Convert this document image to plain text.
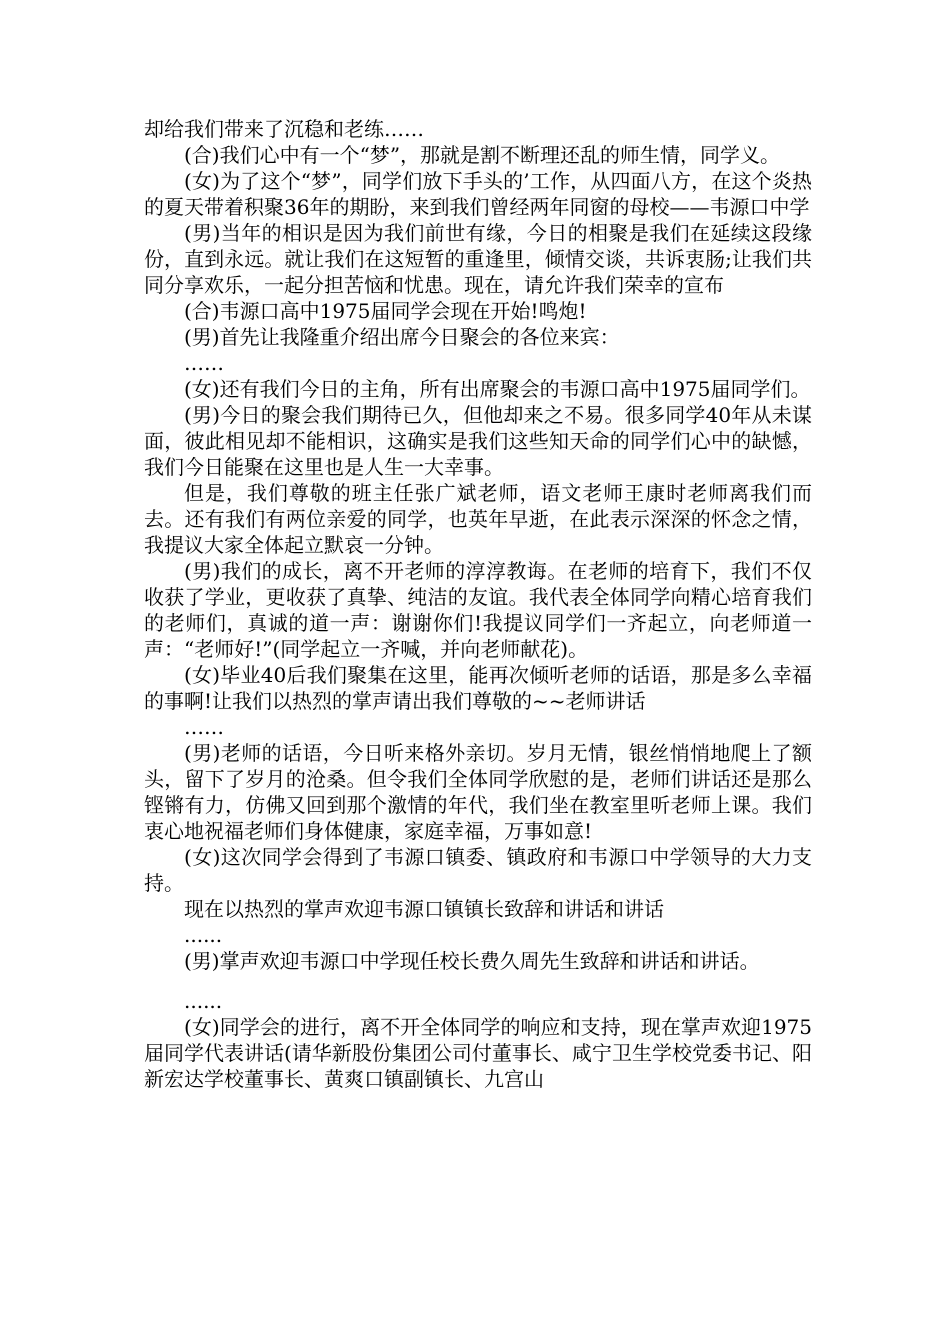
却给我们带来了沉稳和老练……

(合)我们心中有一个“梦”，那就是割不断理还乱的师生情，同学义。

(女)为了这个“梦”，同学们放下手头的’工作，从四面八方，在这个炎热的夏天带着积聚36年的期盼，来到我们曾经两年同窗的母校——韦源口中学

(男)当年的相识是因为我们前世有缘，今日的相聚是我们在延续这段缘份，直到永远。就让我们在这短暂的重逢里，倾情交谈，共诉衷肠;让我们共同分享欢乐，一起分担苦恼和忧患。现在，请允许我们荣幸的宣布

(合)韦源口高中1975届同学会现在开始!鸣炮!

(男)首先让我隆重介绍出席今日聚会的各位来宾：

……

(女)还有我们今日的主角，所有出席聚会的韦源口高中1975届同学们。

(男)今日的聚会我们期待已久，但他却来之不易。很多同学40年从未谋面，彼此相见却不能相识，这确实是我们这些知天命的同学们心中的缺憾，我们今日能聚在这里也是人生一大幸事。

但是，我们尊敬的班主任张广斌老师，语文老师王康时老师离我们而去。还有我们有两位亲爱的同学，也英年早逝，在此表示深深的怀念之情，我提议大家全体起立默哀一分钟。

(男)我们的成长，离不开老师的淳淳教诲。在老师的培育下，我们不仅收获了学业，更收获了真挚、纯洁的友谊。我代表全体同学向精心培育我们的老师们，真诚的道一声：谢谢你们!我提议同学们一齐起立，向老师道一声：“老师好!”(同学起立一齐喊，并向老师献花)。

(女)毕业40后我们聚集在这里，能再次倾听老师的话语，那是多么幸福的事啊!让我们以热烈的掌声请出我们尊敬的~~老师讲话

……

(男)老师的话语，今日听来格外亲切。岁月无情，银丝悄悄地爬上了额头，留下了岁月的沧桑。但令我们全体同学欣慰的是，老师们讲话还是那么铿锵有力，仿佛又回到那个激情的年代，我们坐在教室里听老师上课。我们衷心地祝福老师们身体健康，家庭幸福，万事如意!

(女)这次同学会得到了韦源口镇委、镇政府和韦源口中学领导的大力支持。

现在以热烈的掌声欢迎韦源口镇镇长致辞和讲话和讲话

......

(男)掌声欢迎韦源口中学现任校长费久周先生致辞和讲话和讲话。

......

(女)同学会的进行，离不开全体同学的响应和支持，现在掌声欢迎1975届同学代表讲话(请华新股份集团公司付董事长、咸宁卫生学校党委书记、阳新宏达学校董事长、黄爽口镇副镇长、九宫山
